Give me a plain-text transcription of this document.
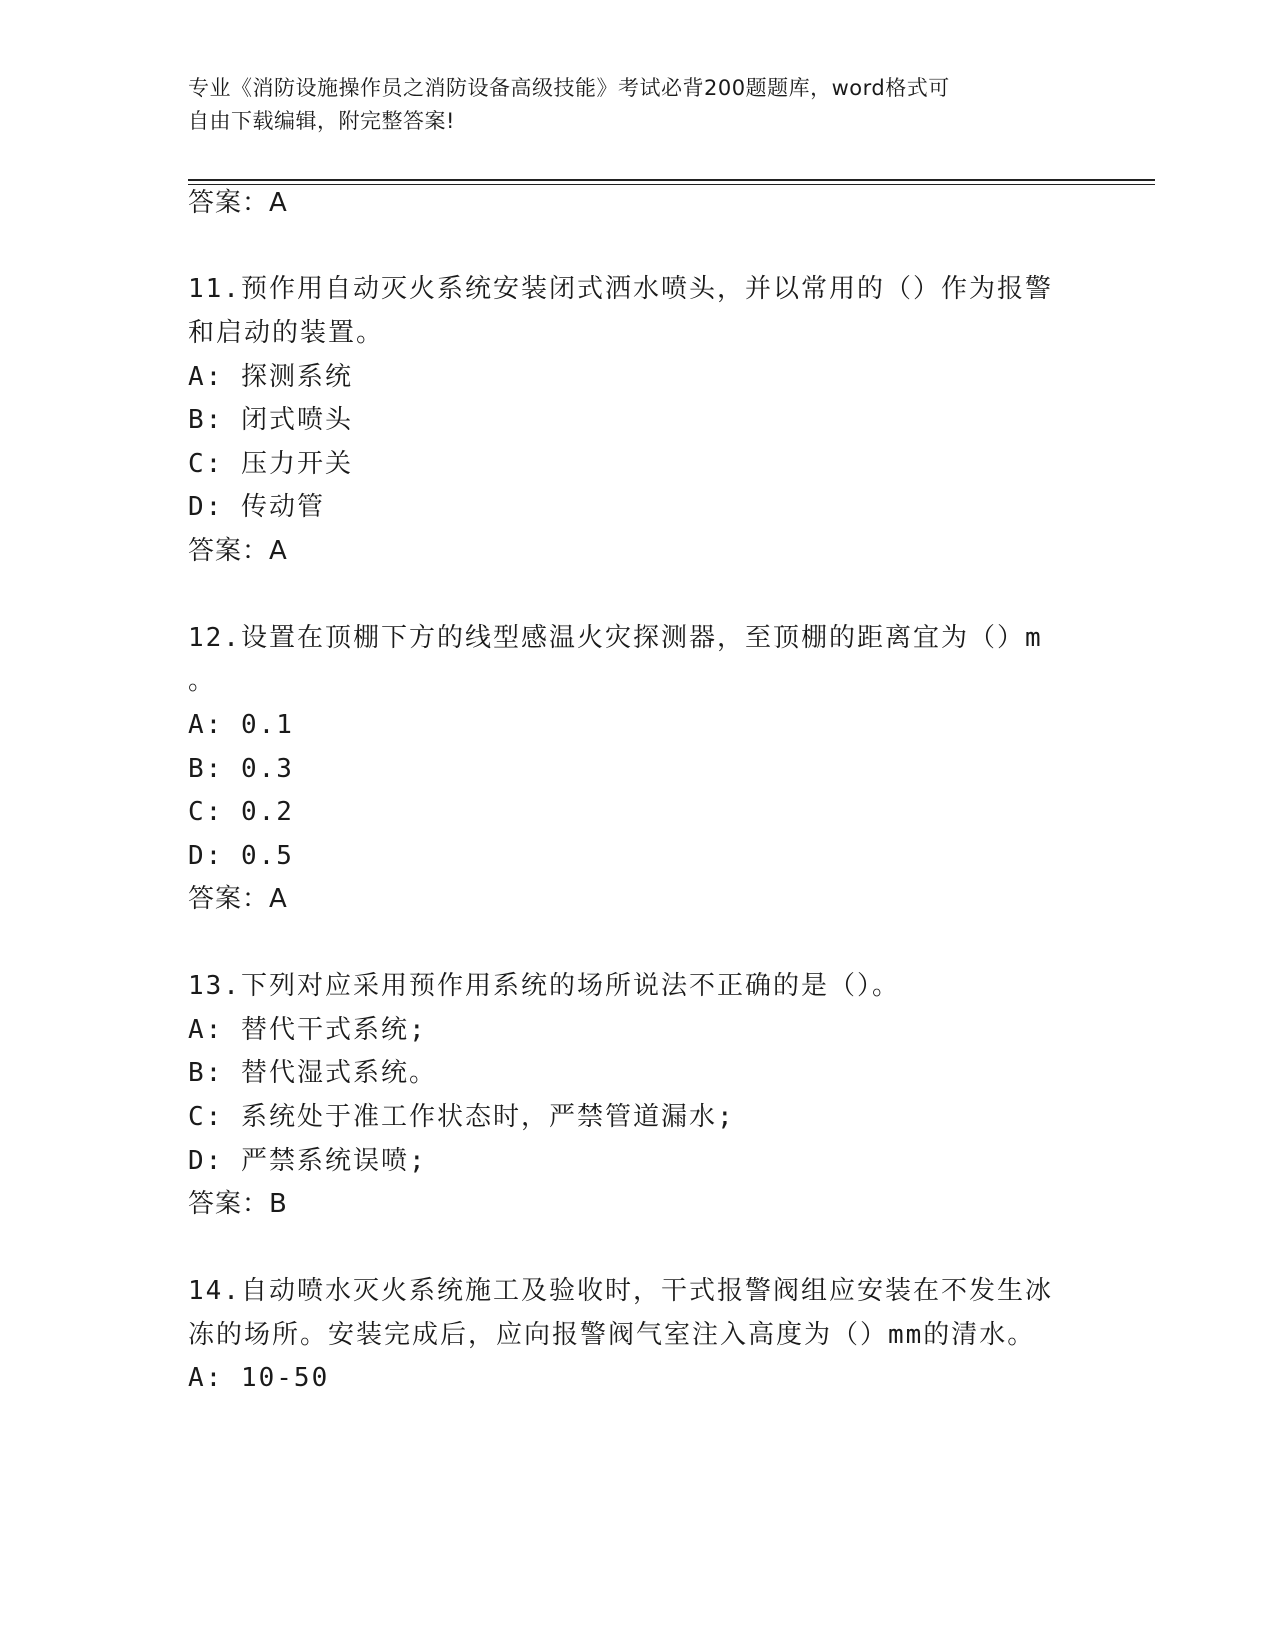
专业《消防设施操作员之消防设备高级技能》考试必背200题题库，word格式可
自由下载编辑，附完整答案!
答案：A
11.预作用自动灭火系统安装闭式洒水喷头，并以常用的（）作为报警
和启动的装置。
A: 探测系统
B: 闭式喷头
C: 压力开关
D: 传动管
答案：A
12.设置在顶棚下方的线型感温火灾探测器，至顶棚的距离宜为（）m
。
A: 0.1
B: 0.3
C: 0.2
D: 0.5
答案：A
13.下列对应采用预作用系统的场所说法不正确的是（）。
A: 替代干式系统;
B: 替代湿式系统。
C: 系统处于准工作状态时，严禁管道漏水;
D: 严禁系统误喷;
答案：B
14.自动喷水灭火系统施工及验收时，干式报警阀组应安装在不发生冰
冻的场所。安装完成后，应向报警阀气室注入高度为（）mm的清水。
A: 10-50
